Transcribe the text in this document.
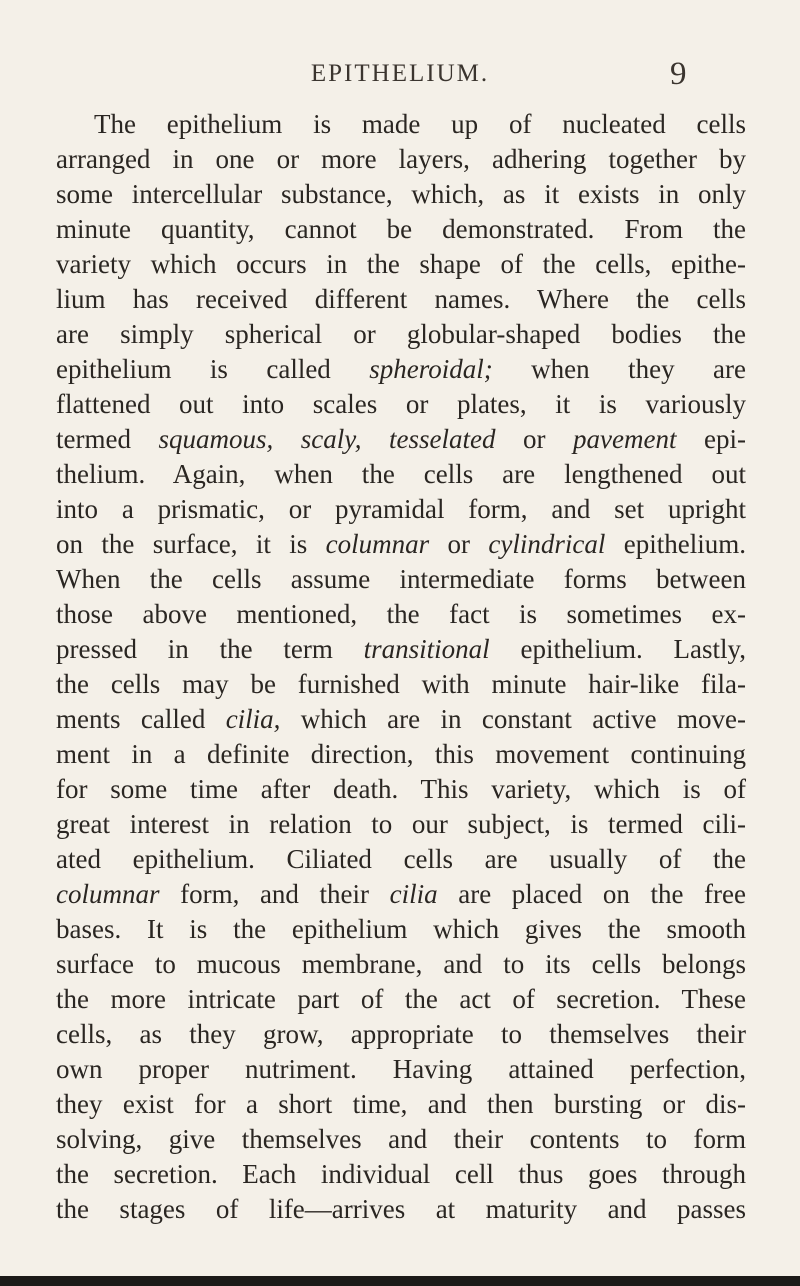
EPITHELIUM.	9
The epithelium is made up of nucleated cells
arranged in one or more layers, adhering together by
some intercellular substance, which, as it exists in only
minute quantity, cannot be demonstrated. From the
variety which occurs in the shape of the cells, epithe-
lium has received different names. Where the cells
are simply spherical or globular-shaped bodies the
epithelium is called spheroidal; when they are
flattened out into scales or plates, it is variously
termed squamous, scaly, tesselated or pavement epi-
thelium. Again, when the cells are lengthened out
into a prismatic, or pyramidal form, and set upright
on the surface, it is columnar or cylindrical epithelium.
When the cells assume intermediate forms between
those above mentioned, the fact is sometimes ex-
pressed in the term transitional epithelium. Lastly,
the cells may be furnished with minute hair-like fila-
ments called cilia, which are in constant active move-
ment in a definite direction, this movement continuing
for some time after death. This variety, which is of
great interest in relation to our subject, is termed cili-
ated epithelium. Ciliated cells are usually of the
columnar form, and their cilia are placed on the free
bases. It is the epithelium which gives the smooth
surface to mucous membrane, and to its cells belongs
the more intricate part of the act of secretion. These
cells, as they grow, appropriate to themselves their
own proper nutriment. Having attained perfection,
they exist for a short time, and then bursting or dis-
solving, give themselves and their contents to form
the secretion. Each individual cell thus goes through
the stages of life—arrives at maturity and passes
